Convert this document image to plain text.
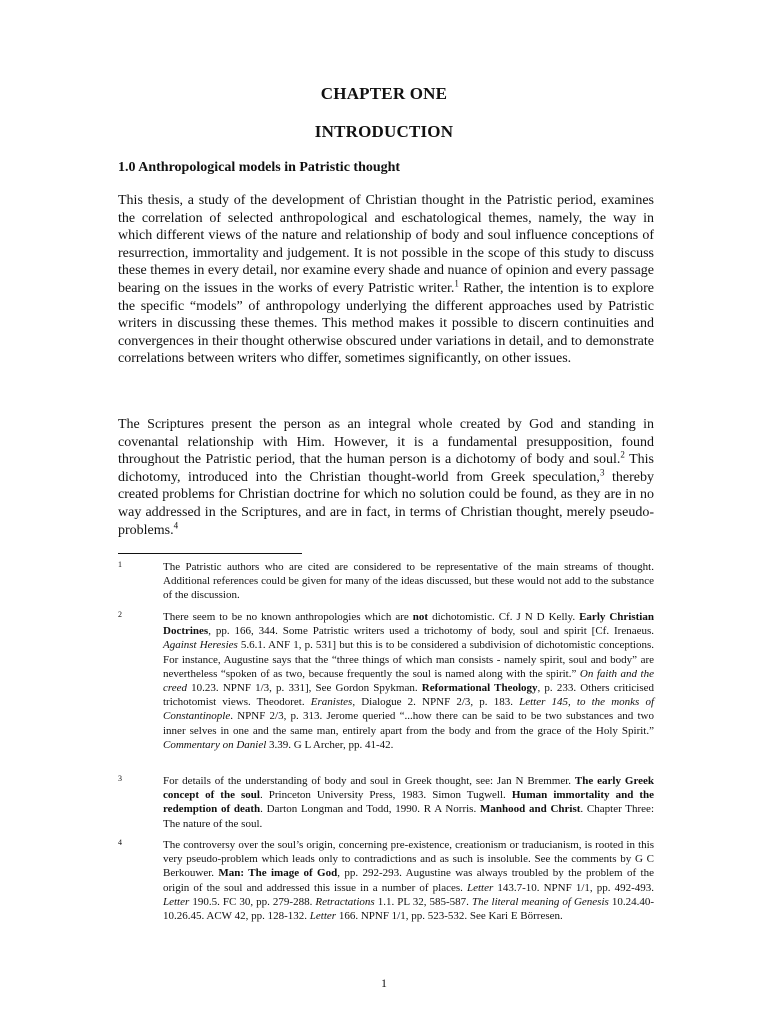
CHAPTER ONE
INTRODUCTION
1.0 Anthropological models in Patristic thought
This thesis, a study of the development of Christian thought in the Patristic period, examines the correlation of selected anthropological and eschatological themes, namely, the way in which different views of the nature and relationship of body and soul influence conceptions of resurrection, immortality and judgement. It is not possible in the scope of this study to discuss these themes in every detail, nor examine every shade and nuance of opinion and every passage bearing on the issues in the works of every Patristic writer.$^1$ Rather, the intention is to explore the specific “models” of anthropology underlying the different approaches used by Patristic writers in discussing these themes. This method makes it possible to discern continuities and convergences in their thought otherwise obscured under variations in detail, and to demonstrate correlations between writers who differ, sometimes significantly, on other issues.
The Scriptures present the person as an integral whole created by God and standing in covenantal relationship with Him. However, it is a fundamental presupposition, found throughout the Patristic period, that the human person is a dichotomy of body and soul.$^2$ This dichotomy, introduced into the Christian thought-world from Greek speculation,$^3$ thereby created problems for Christian doctrine for which no solution could be found, as they are in no way addressed in the Scriptures, and are in fact, in terms of Christian thought, merely pseudo-problems.$^4$
1	The Patristic authors who are cited are considered to be representative of the main streams of thought. Additional references could be given for many of the ideas discussed, but these would not add to the substance of the discussion.
2	There seem to be no known anthropologies which are not dichotomistic. Cf. J N D Kelly. Early Christian Doctrines, pp. 166, 344. Some Patristic writers used a trichotomy of body, soul and spirit [Cf. Irenaeus. Against Heresies 5.6.1. ANF 1, p. 531] but this is to be considered a subdivision of dichotomistic conceptions. For instance, Augustine says that the “three things of which man consists - namely spirit, soul and body” are nevertheless “spoken of as two, because frequently the soul is named along with the spirit.” On faith and the creed 10.23. NPNF 1/3, p. 331], See Gordon Spykman. Reformational Theology, p. 233. Others criticised trichotomist views. Theodoret. Eranistes, Dialogue 2. NPNF 2/3, p. 183. Letter 145, to the monks of Constantinople. NPNF 2/3, p. 313. Jerome queried “...how there can be said to be two substances and two inner selves in one and the same man, entirely apart from the body and from the grace of the Holy Spirit.” Commentary on Daniel 3.39. G L Archer, pp. 41-42.
3	For details of the understanding of body and soul in Greek thought, see: Jan N Bremmer. The early Greek concept of the soul. Princeton University Press, 1983. Simon Tugwell. Human immortality and the redemption of death. Darton Longman and Todd, 1990. R A Norris. Manhood and Christ. Chapter Three: The nature of the soul.
4	The controversy over the soul’s origin, concerning pre-existence, creationism or traducianism, is rooted in this very pseudo-problem which leads only to contradictions and as such is insoluble. See the comments by G C Berkouwer. Man: The image of God, pp. 292-293. Augustine was always troubled by the problem of the origin of the soul and addressed this issue in a number of places. Letter 143.7-10. NPNF 1/1, pp. 492-493. Letter 190.5. FC 30, pp. 279-288. Retractations 1.1. PL 32, 585-587. The literal meaning of Genesis 10.24.40-10.26.45. ACW 42, pp. 128-132. Letter 166. NPNF 1/1, pp. 523-532. See Kari E Börresen.
1
